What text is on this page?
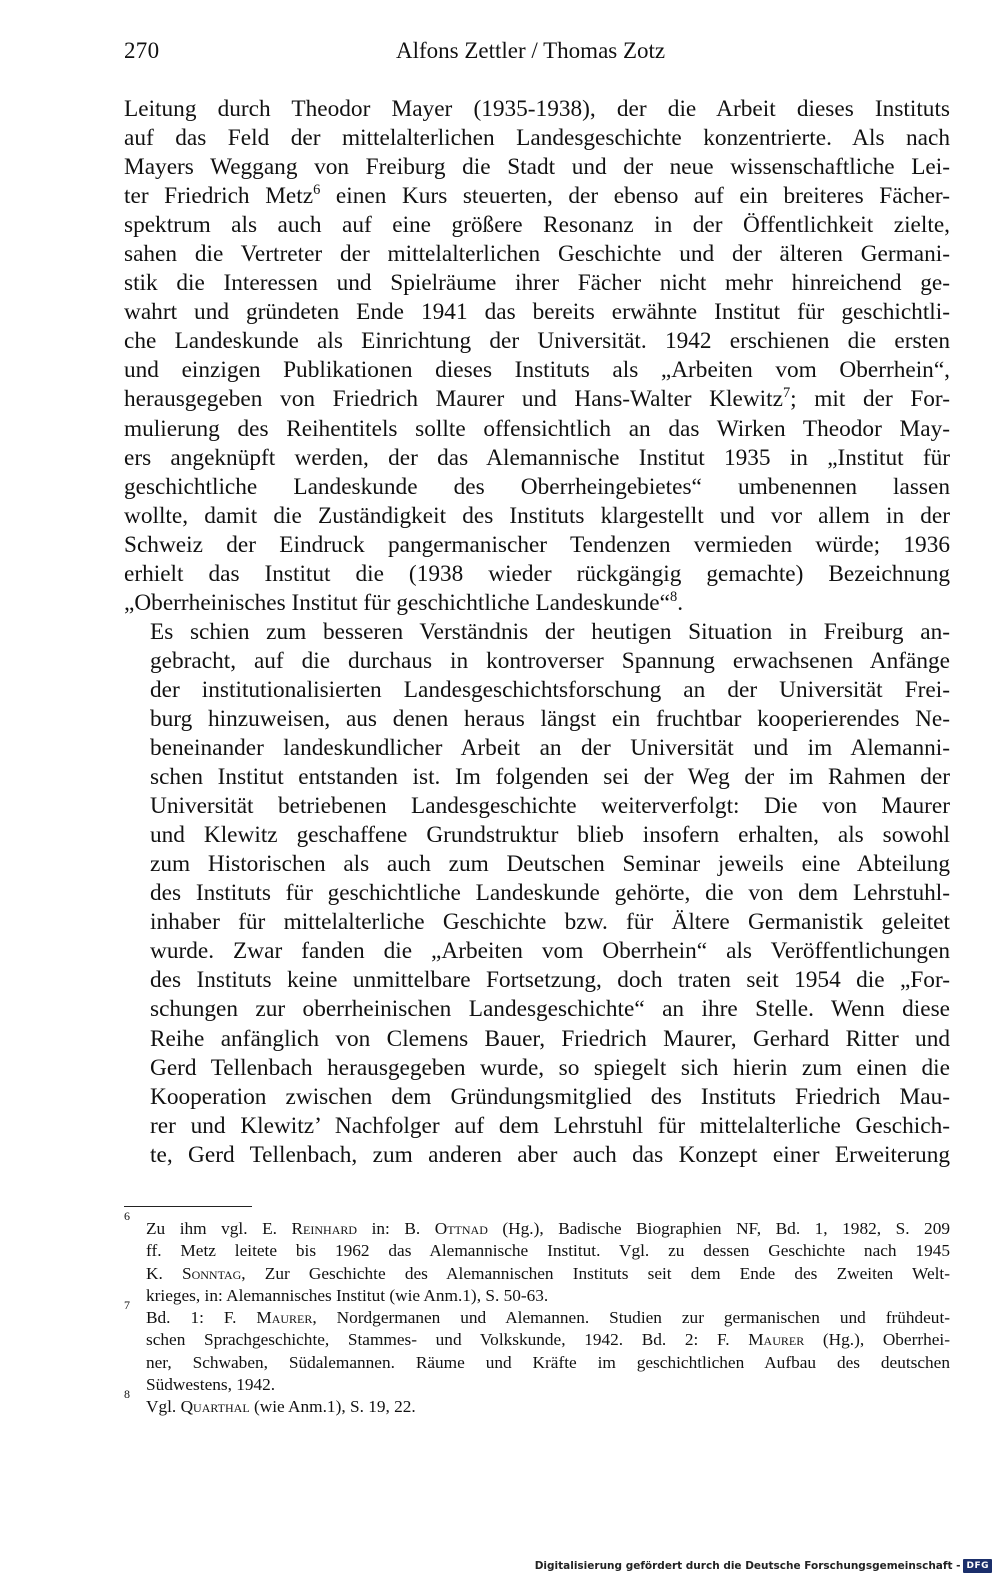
270	Alfons Zettler / Thomas Zotz

Leitung durch Theodor Mayer (1935-1938), der die Arbeit dieses Instituts
auf das Feld der mittelalterlichen Landesgeschichte konzentrierte. Als nach
Mayers Weggang von Freiburg die Stadt und der neue wissenschaftliche Lei-
ter Friedrich Metz$^6$ einen Kurs steuerten, der ebenso auf ein breiteres Fächer-
spektrum als auch auf eine größere Resonanz in der Öffentlichkeit zielte,
sahen die Vertreter der mittelalterlichen Geschichte und der älteren Germani-
stik die Interessen und Spielräume ihrer Fächer nicht mehr hinreichend ge-
wahrt und gründeten Ende 1941 das bereits erwähnte Institut für geschichtli-
che Landeskunde als Einrichtung der Universität. 1942 erschienen die ersten
und einzigen Publikationen dieses Instituts als „Arbeiten vom Oberrhein“,
herausgegeben von Friedrich Maurer und Hans-Walter Klewitz$^7$; mit der For-
mulierung des Reihentitels sollte offensichtlich an das Wirken Theodor May-
ers angeknüpft werden, der das Alemannische Institut 1935 in „Institut für
geschichtliche Landeskunde des Oberrheingebietes“ umbenennen lassen
wollte, damit die Zuständigkeit des Instituts klargestellt und vor allem in der
Schweiz der Eindruck pangermanischer Tendenzen vermieden würde; 1936
erhielt das Institut die (1938 wieder rückgängig gemachte) Bezeichnung
„Oberrheinisches Institut für geschichtliche Landeskunde“$^8$.

Es schien zum besseren Verständnis der heutigen Situation in Freiburg an-
gebracht, auf die durchaus in kontroverser Spannung erwachsenen Anfänge
der institutionalisierten Landesgeschichtsforschung an der Universität Frei-
burg hinzuweisen, aus denen heraus längst ein fruchtbar kooperierendes Ne-
beneinander landeskundlicher Arbeit an der Universität und im Alemanni-
schen Institut entstanden ist. Im folgenden sei der Weg der im Rahmen der
Universität betriebenen Landesgeschichte weiterverfolgt: Die von Maurer
und Klewitz geschaffene Grundstruktur blieb insofern erhalten, als sowohl
zum Historischen als auch zum Deutschen Seminar jeweils eine Abteilung
des Instituts für geschichtliche Landeskunde gehörte, die von dem Lehrstuhl-
inhaber für mittelalterliche Geschichte bzw. für Ältere Germanistik geleitet
wurde. Zwar fanden die „Arbeiten vom Oberrhein“ als Veröffentlichungen
des Instituts keine unmittelbare Fortsetzung, doch traten seit 1954 die „For-
schungen zur oberrheinischen Landesgeschichte“ an ihre Stelle. Wenn diese
Reihe anfänglich von Clemens Bauer, Friedrich Maurer, Gerhard Ritter und
Gerd Tellenbach herausgegeben wurde, so spiegelt sich hierin zum einen die
Kooperation zwischen dem Gründungsmitglied des Instituts Friedrich Mau-
rer und Klewitz’ Nachfolger auf dem Lehrstuhl für mittelalterliche Geschich-
te, Gerd Tellenbach, zum anderen aber auch das Konzept einer Erweiterung

6
Zu ihm vgl. E. Reinhard in: B. Ottnad (Hg.), Badische Biographien NF, Bd. 1, 1982, S. 209
ff. Metz leitete bis 1962 das Alemannische Institut. Vgl. zu dessen Geschichte nach 1945
K. Sonntag, Zur Geschichte des Alemannischen Instituts seit dem Ende des Zweiten Welt-
krieges, in: Alemannisches Institut (wie Anm.1), S. 50-63.
7
Bd. 1: F. Maurer, Nordgermanen und Alemannen. Studien zur germanischen und frühdeut-
schen Sprachgeschichte, Stammes- und Volkskunde, 1942. Bd. 2: F. Maurer (Hg.), Oberrhei-
ner, Schwaben, Südalemannen. Räume und Kräfte im geschichtlichen Aufbau des deutschen
Südwestens, 1942.
8
Vgl. Quarthal (wie Anm.1), S. 19, 22.
Digitalisierung gefördert durch die Deutsche Forschungsgemeinschaft - DFG
